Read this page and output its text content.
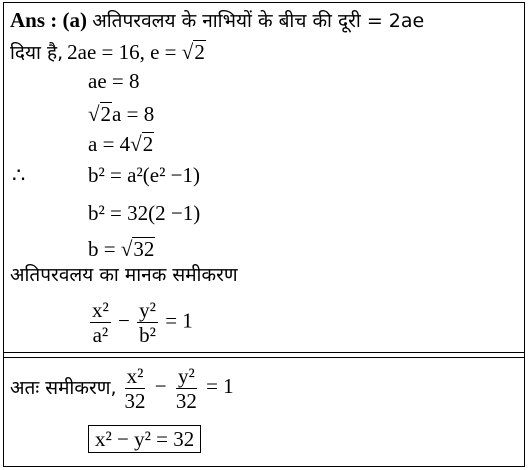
Ans : (a) अतिपरवलय के नाभियों के बीच की दूरी = 2ae
दिया है, 2ae = 16, e = √2
ae = 8
√2a = 8
a = 4√2
∴	b² = a²(e² −1)
b² = 32(2 −1)
b = √32
अतिपरवलय का मानक समीकरण
$\frac{\text{x²}}{\text{a²}} - \frac{\text{y²}}{\text{b²}} = 1$
अतः समीकरण, $\frac{\text{x²}}{32} - \frac{\text{y²}}{32} = 1$
x² − y² = 32
